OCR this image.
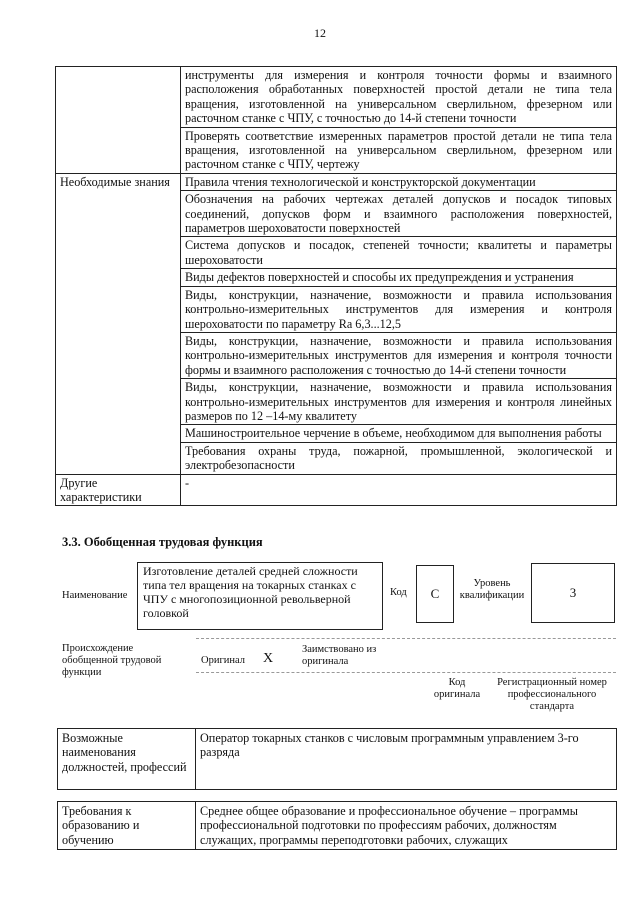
12
	инструменты для измерения и контроля точности формы и взаимного расположения обработанных поверхностей простой детали не типа тела вращения, изготовленной на универсальном сверлильном, фрезерном или расточном станке с ЧПУ, с точностью до 14-й степени точности
	Проверять соответствие измеренных параметров простой детали не типа тела вращения, изготовленной на универсальном сверлильном, фрезерном или расточном станке с ЧПУ, чертежу
Необходимые знания	Правила чтения технологической и конструкторской документации
	Обозначения на рабочих чертежах деталей допусков и посадок типовых соединений, допусков форм и взаимного расположения поверхностей, параметров шероховатости поверхностей
	Система допусков и посадок, степеней точности; квалитеты и параметры шероховатости
	Виды дефектов поверхностей и способы их предупреждения и устранения
	Виды, конструкции, назначение, возможности и правила использования контрольно-измерительных инструментов для измерения и контроля шероховатости по параметру Ra 6,3...12,5
	Виды, конструкции, назначение, возможности и правила использования контрольно-измерительных инструментов для измерения и контроля точности формы и взаимного расположения с точностью до 14-й степени точности
	Виды, конструкции, назначение, возможности и правила использования контрольно-измерительных инструментов для измерения и контроля линейных размеров по 12 –14-му квалитету
	Машиностроительное черчение в объеме, необходимом для выполнения работы
	Требования охраны труда, пожарной, промышленной, экологической и электробезопасности
Другие характеристики	-
3.3. Обобщенная трудовая функция
Наименование
Изготовление деталей средней сложности типа тел вращения на токарных станках с ЧПУ с многопозиционной револьверной головкой
Код	C
Уровень квалификации	3
Происхождение обобщенной трудовой функции
Оригинал X
Заимствовано из оригинала
Код оригинала
Регистрационный номер профессионального стандарта
Возможные наименования должностей, профессий	Оператор токарных станков с числовым программным управлением 3-го разряда
Требования к образованию и обучению	Среднее общее образование и профессиональное обучение – программы профессиональной подготовки по профессиям рабочих, должностям служащих, программы переподготовки рабочих, служащих
